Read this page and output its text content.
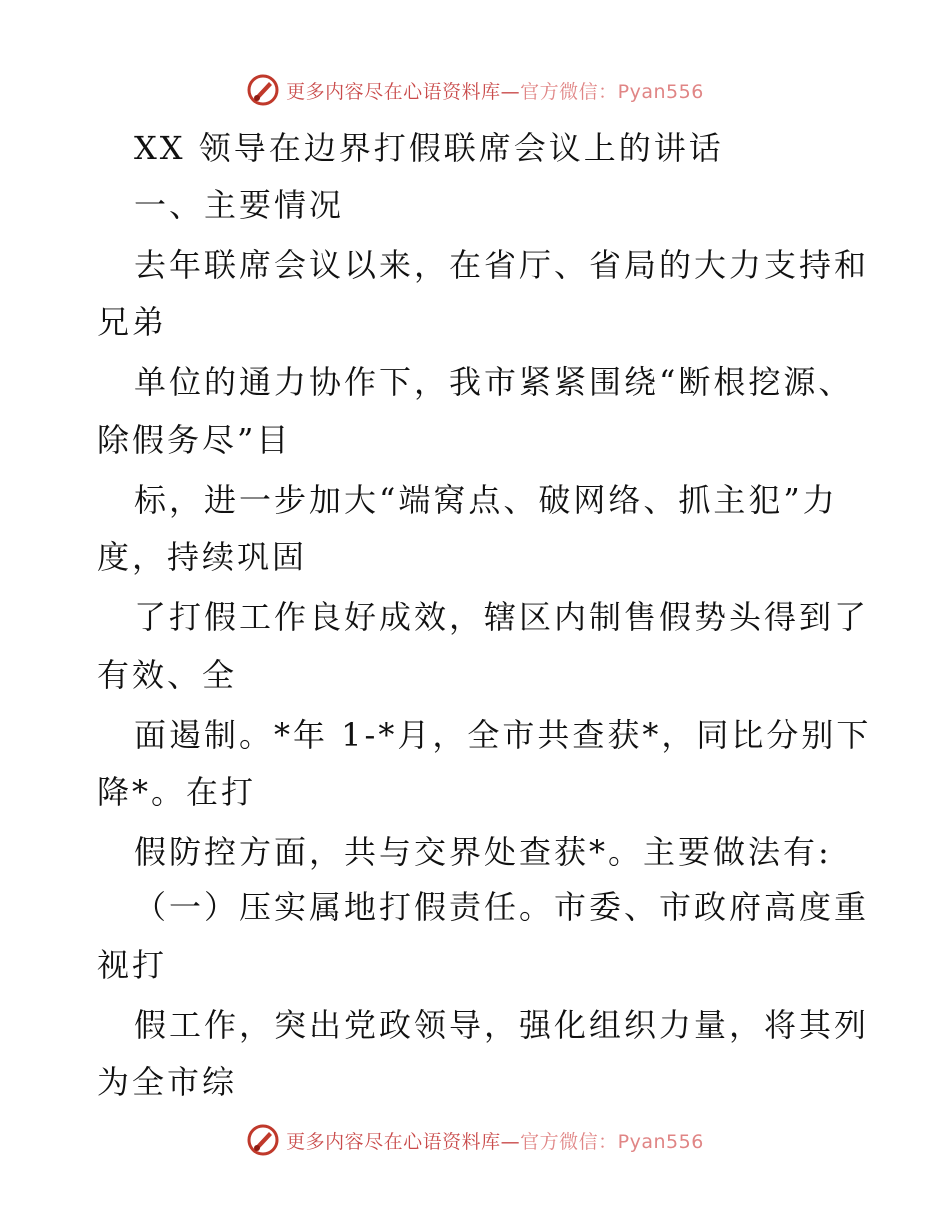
更多内容尽在心语资料库—官方微信：Pyan556
XX 领导在边界打假联席会议上的讲话
一、主要情况
去年联席会议以来，在省厅、省局的大力支持和
兄弟
单位的通力协作下，我市紧紧围绕“断根挖源、
除假务尽”目
标，进一步加大“端窝点、破网络、抓主犯”力
度，持续巩固
了打假工作良好成效，辖区内制售假势头得到了
有效、全
面遏制。*年 1-*月，全市共查获*，同比分别下
降*。在打
假防控方面，共与交界处查获*。主要做法有:
（一）压实属地打假责任。市委、市政府高度重
视打
假工作，突出党政领导，强化组织力量，将其列
为全市综
更多内容尽在心语资料库—官方微信：Pyan556
